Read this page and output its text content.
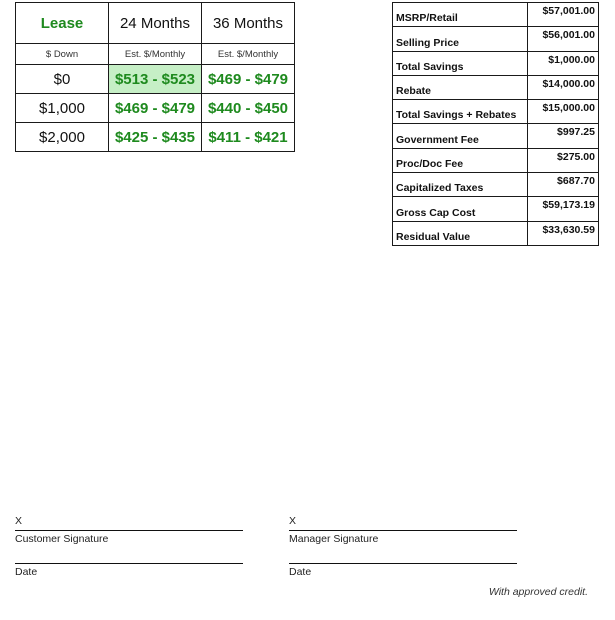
Lease	24 Months	36 Months
$ Down	Est. $/Monthly	Est. $/Monthly
$0	$513 - $523	$469 - $479
$1,000	$469 - $479	$440 - $450
$2,000	$425 - $435	$411 - $421
MSRP/Retail	$57,001.00
Selling Price	$56,001.00
Total Savings	$1,000.00
Rebate	$14,000.00
Total Savings + Rebates	$15,000.00
Government Fee	$997.25
Proc/Doc Fee	$275.00
Capitalized Taxes	$687.70
Gross Cap Cost	$59,173.19
Residual Value	$33,630.59
X
Customer Signature
Date
X
Manager Signature
Date
With approved credit.
